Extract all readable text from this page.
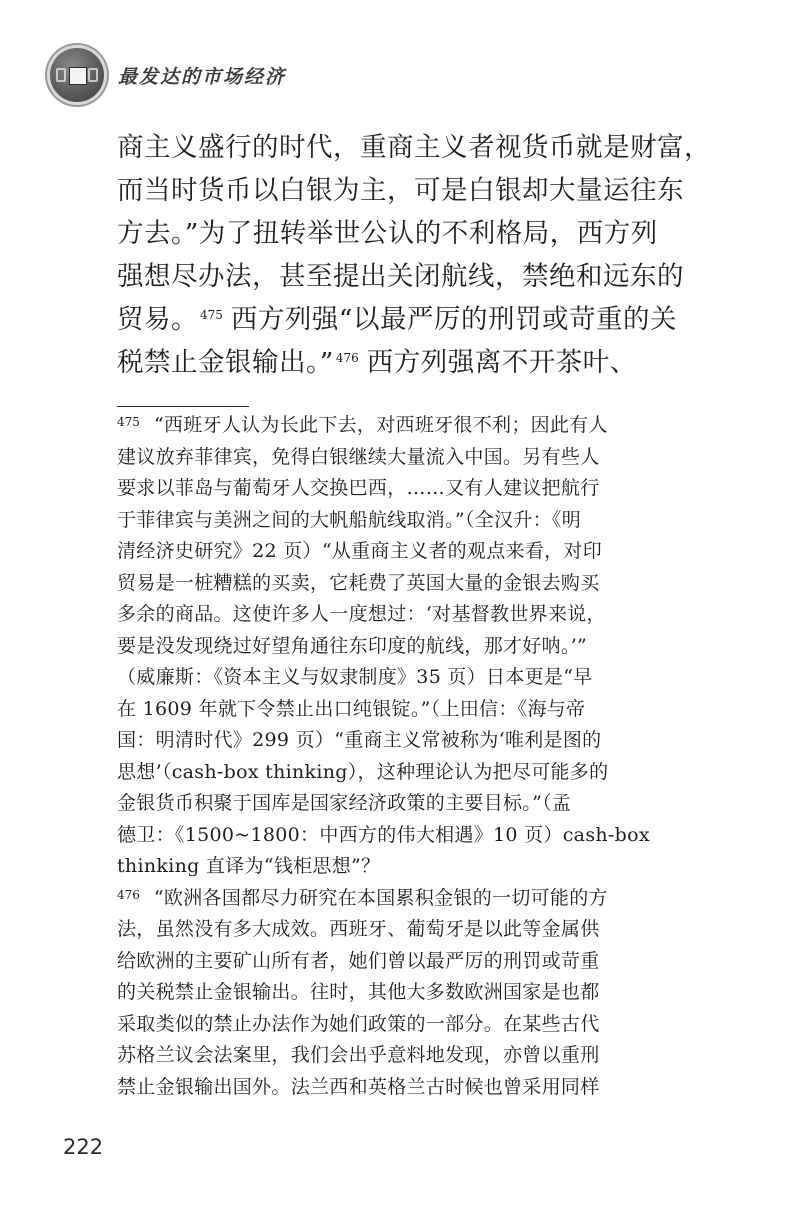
最发达的市场经济
商主义盛行的时代，重商主义者视货币就是财富，
而当时货币以白银为主，可是白银却大量运往东
方去。”为了扭转举世公认的不利格局，西方列
强想尽办法，甚至提出关闭航线，禁绝和远东的
贸易。 $^{475}$ 西方列强“以最严厉的刑罚或苛重的关
税禁止金银输出。” $^{476}$ 西方列强离不开茶叶、
$^{475}$ “西班牙人认为长此下去，对西班牙很不利；因此有人
建议放弃菲律宾，免得白银继续大量流入中国。另有些人
要求以菲岛与葡萄牙人交换巴西，……又有人建议把航行
于菲律宾与美洲之间的大帆船航线取消。”（全汉升：《明
清经济史研究》22 页）“从重商主义者的观点来看，对印
贸易是一桩糟糕的买卖，它耗费了英国大量的金银去购买
多余的商品。这使许多人一度想过：‘对基督教世界来说，
要是没发现绕过好望角通往东印度的航线，那才好呐。’”
（威廉斯：《资本主义与奴隶制度》35 页）日本更是“早
在 1609 年就下令禁止出口纯银锭。”（上田信：《海与帝
国：明清时代》299 页）“重商主义常被称为‘唯利是图的
思想’（cash-box thinking），这种理论认为把尽可能多的
金银货币积聚于国库是国家经济政策的主要目标。”（孟
德卫：《1500~1800：中西方的伟大相遇》10 页）cash-box
thinking 直译为“钱柜思想”？
$^{476}$ “欧洲各国都尽力研究在本国累积金银的一切可能的方
法，虽然没有多大成效。西班牙、葡萄牙是以此等金属供
给欧洲的主要矿山所有者，她们曾以最严厉的刑罚或苛重
的关税禁止金银输出。往时，其他大多数欧洲国家是也都
采取类似的禁止办法作为她们政策的一部分。在某些古代
苏格兰议会法案里，我们会出乎意料地发现，亦曾以重刑
禁止金银输出国外。法兰西和英格兰古时候也曾采用同样
222
